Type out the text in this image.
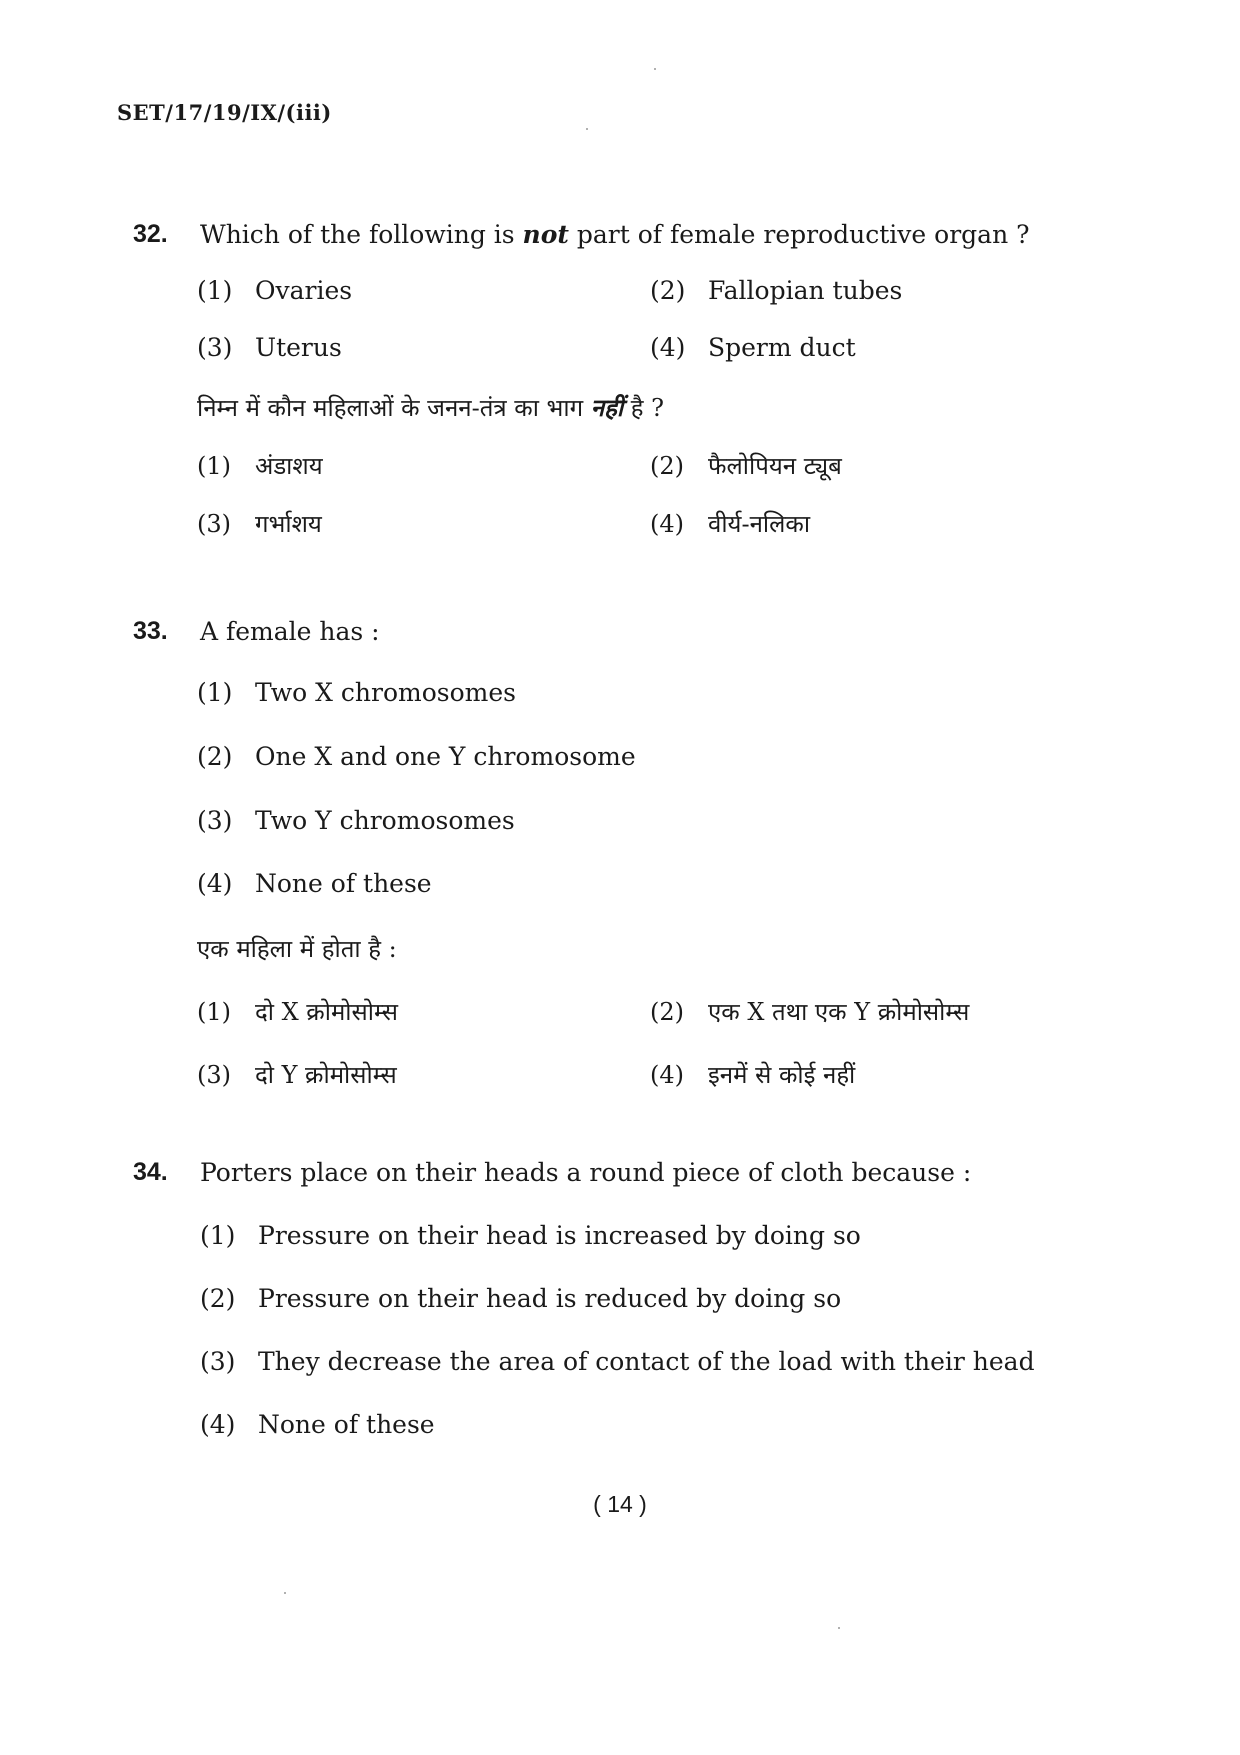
SET/17/19/IX/(iii)
32. Which of the following is not part of female reproductive organ ?
(1) Ovaries	(2) Fallopian tubes
(3) Uterus	(4) Sperm duct
निम्न में कौन महिलाओं के जनन-तंत्र का भाग नहीं है ?
(1) अंडाशय	(2) फैलोपियन ट्यूब
(3) गर्भाशय	(4) वीर्य-नलिका
33. A female has :
(1) Two X chromosomes
(2) One X and one Y chromosome
(3) Two Y chromosomes
(4) None of these
एक महिला में होता है :
(1) दो X क्रोमोसोम्स	(2) एक X तथा एक Y क्रोमोसोम्स
(3) दो Y क्रोमोसोम्स	(4) इनमें से कोई नहीं
34. Porters place on their heads a round piece of cloth because :
(1) Pressure on their head is increased by doing so
(2) Pressure on their head is reduced by doing so
(3) They decrease the area of contact of the load with their head
(4) None of these
( 14 )
